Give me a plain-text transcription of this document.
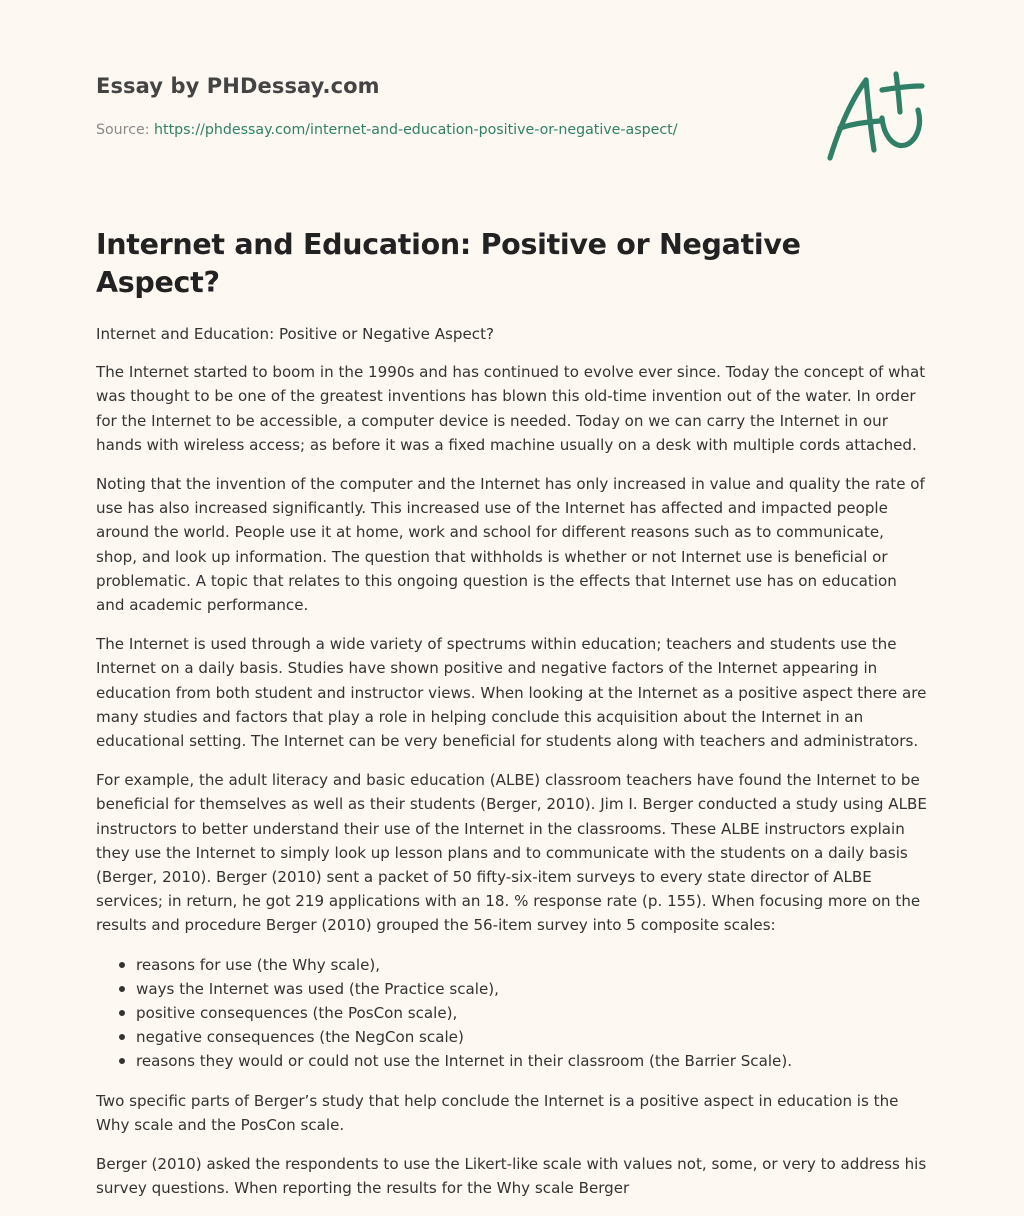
Essay by PHDessay.com
Source: https://phdessay.com/internet-and-education-positive-or-negative-aspect/
Internet and Education: Positive or Negative Aspect?

Internet and Education: Positive or Negative Aspect?

The Internet started to boom in the 1990s and has continued to evolve ever since. Today the concept of what was thought to be one of the greatest inventions has blown this old-time invention out of the water. In order for the Internet to be accessible, a computer device is needed. Today on we can carry the Internet in our hands with wireless access; as before it was a fixed machine usually on a desk with multiple cords attached.

Noting that the invention of the computer and the Internet has only increased in value and quality the rate of use has also increased significantly. This increased use of the Internet has affected and impacted people around the world. People use it at home, work and school for different reasons such as to communicate, shop, and look up information. The question that withholds is whether or not Internet use is beneficial or problematic. A topic that relates to this ongoing question is the effects that Internet use has on education and academic performance.

The Internet is used through a wide variety of spectrums within education; teachers and students use the Internet on a daily basis. Studies have shown positive and negative factors of the Internet appearing in education from both student and instructor views. When looking at the Internet as a positive aspect there are many studies and factors that play a role in helping conclude this acquisition about the Internet in an educational setting. The Internet can be very beneficial for students along with teachers and administrators.

For example, the adult literacy and basic education (ALBE) classroom teachers have found the Internet to be beneficial for themselves as well as their students (Berger, 2010). Jim I. Berger conducted a study using ALBE instructors to better understand their use of the Internet in the classrooms. These ALBE instructors explain they use the Internet to simply look up lesson plans and to communicate with the students on a daily basis (Berger, 2010). Berger (2010) sent a packet of 50 fifty-six-item surveys to every state director of ALBE services; in return, he got 219 applications with an 18. % response rate (p. 155). When focusing more on the results and procedure Berger (2010) grouped the 56-item survey into 5 composite scales:

reasons for use (the Why scale),
ways the Internet was used (the Practice scale),
positive consequences (the PosCon scale),
negative consequences (the NegCon scale)
reasons they would or could not use the Internet in their classroom (the Barrier Scale).

Two specific parts of Berger’s study that help conclude the Internet is a positive aspect in education is the Why scale and the PosCon scale.

Berger (2010) asked the respondents to use the Likert-like scale with values not, some, or very to address his survey questions. When reporting the results for the Why scale Berger
